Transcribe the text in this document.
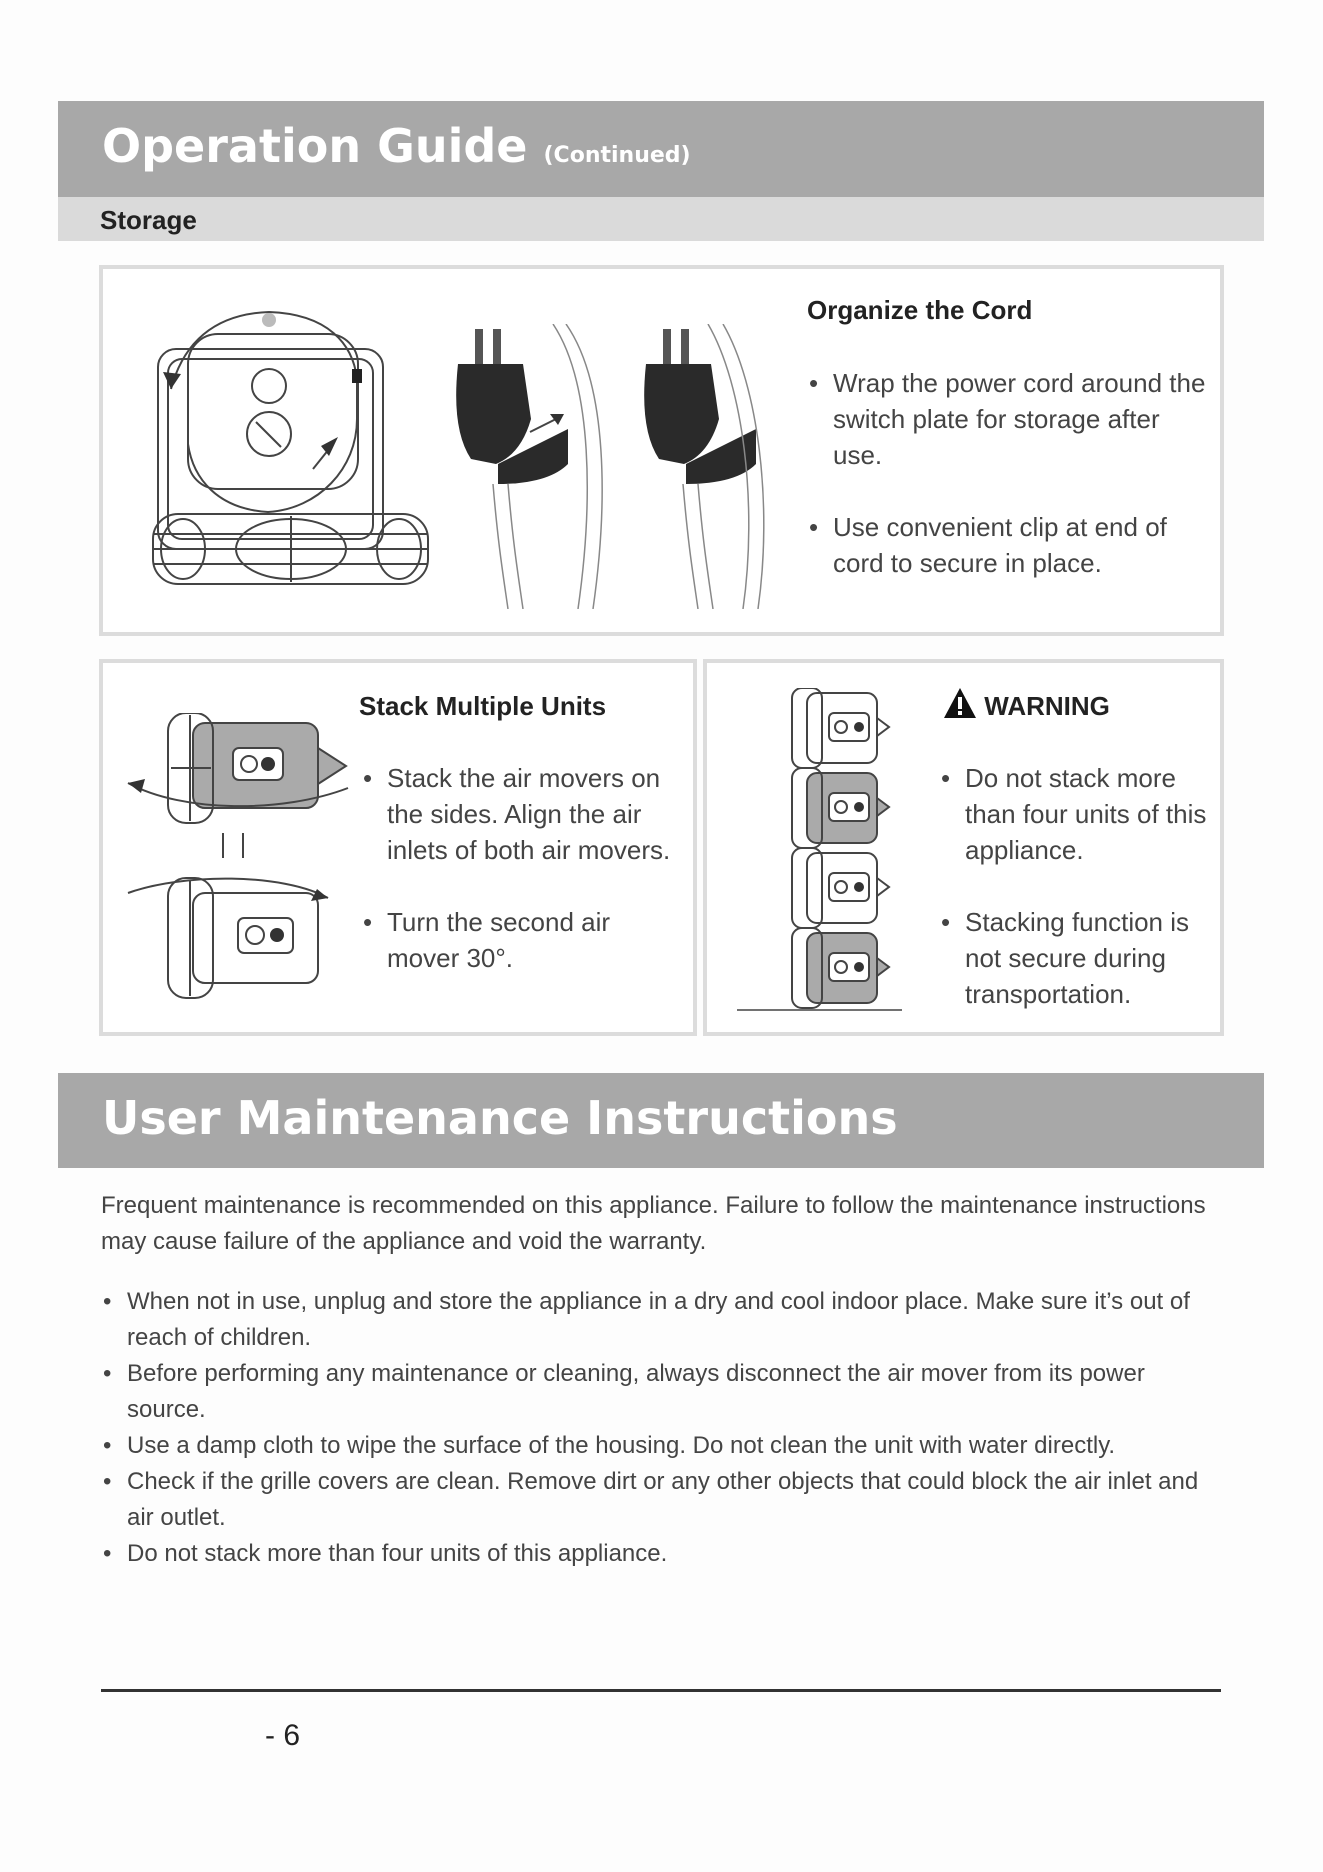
Operation Guide (Continued)
Storage
Organize the Cord
• Wrap the power cord around the switch plate for storage after use.
• Use convenient clip at end of cord to secure in place.
Stack Multiple Units
• Stack the air movers on the sides. Align the air inlets of both air movers.
• Turn the second air mover 30°.
WARNING
• Do not stack more than four units of this appliance.
• Stacking function is not secure during transportation.
User Maintenance Instructions

Frequent maintenance is recommended on this appliance. Failure to follow the maintenance instructions may cause failure of the appliance and void the warranty.

• When not in use, unplug and store the appliance in a dry and cool indoor place. Make sure it’s out of reach of children.
• Before performing any maintenance or cleaning, always disconnect the air mover from its power source.
• Use a damp cloth to wipe the surface of the housing. Do not clean the unit with water directly.
• Check if the grille covers are clean. Remove dirt or any other objects that could block the air inlet and air outlet.
• Do not stack more than four units of this appliance.
- 6
